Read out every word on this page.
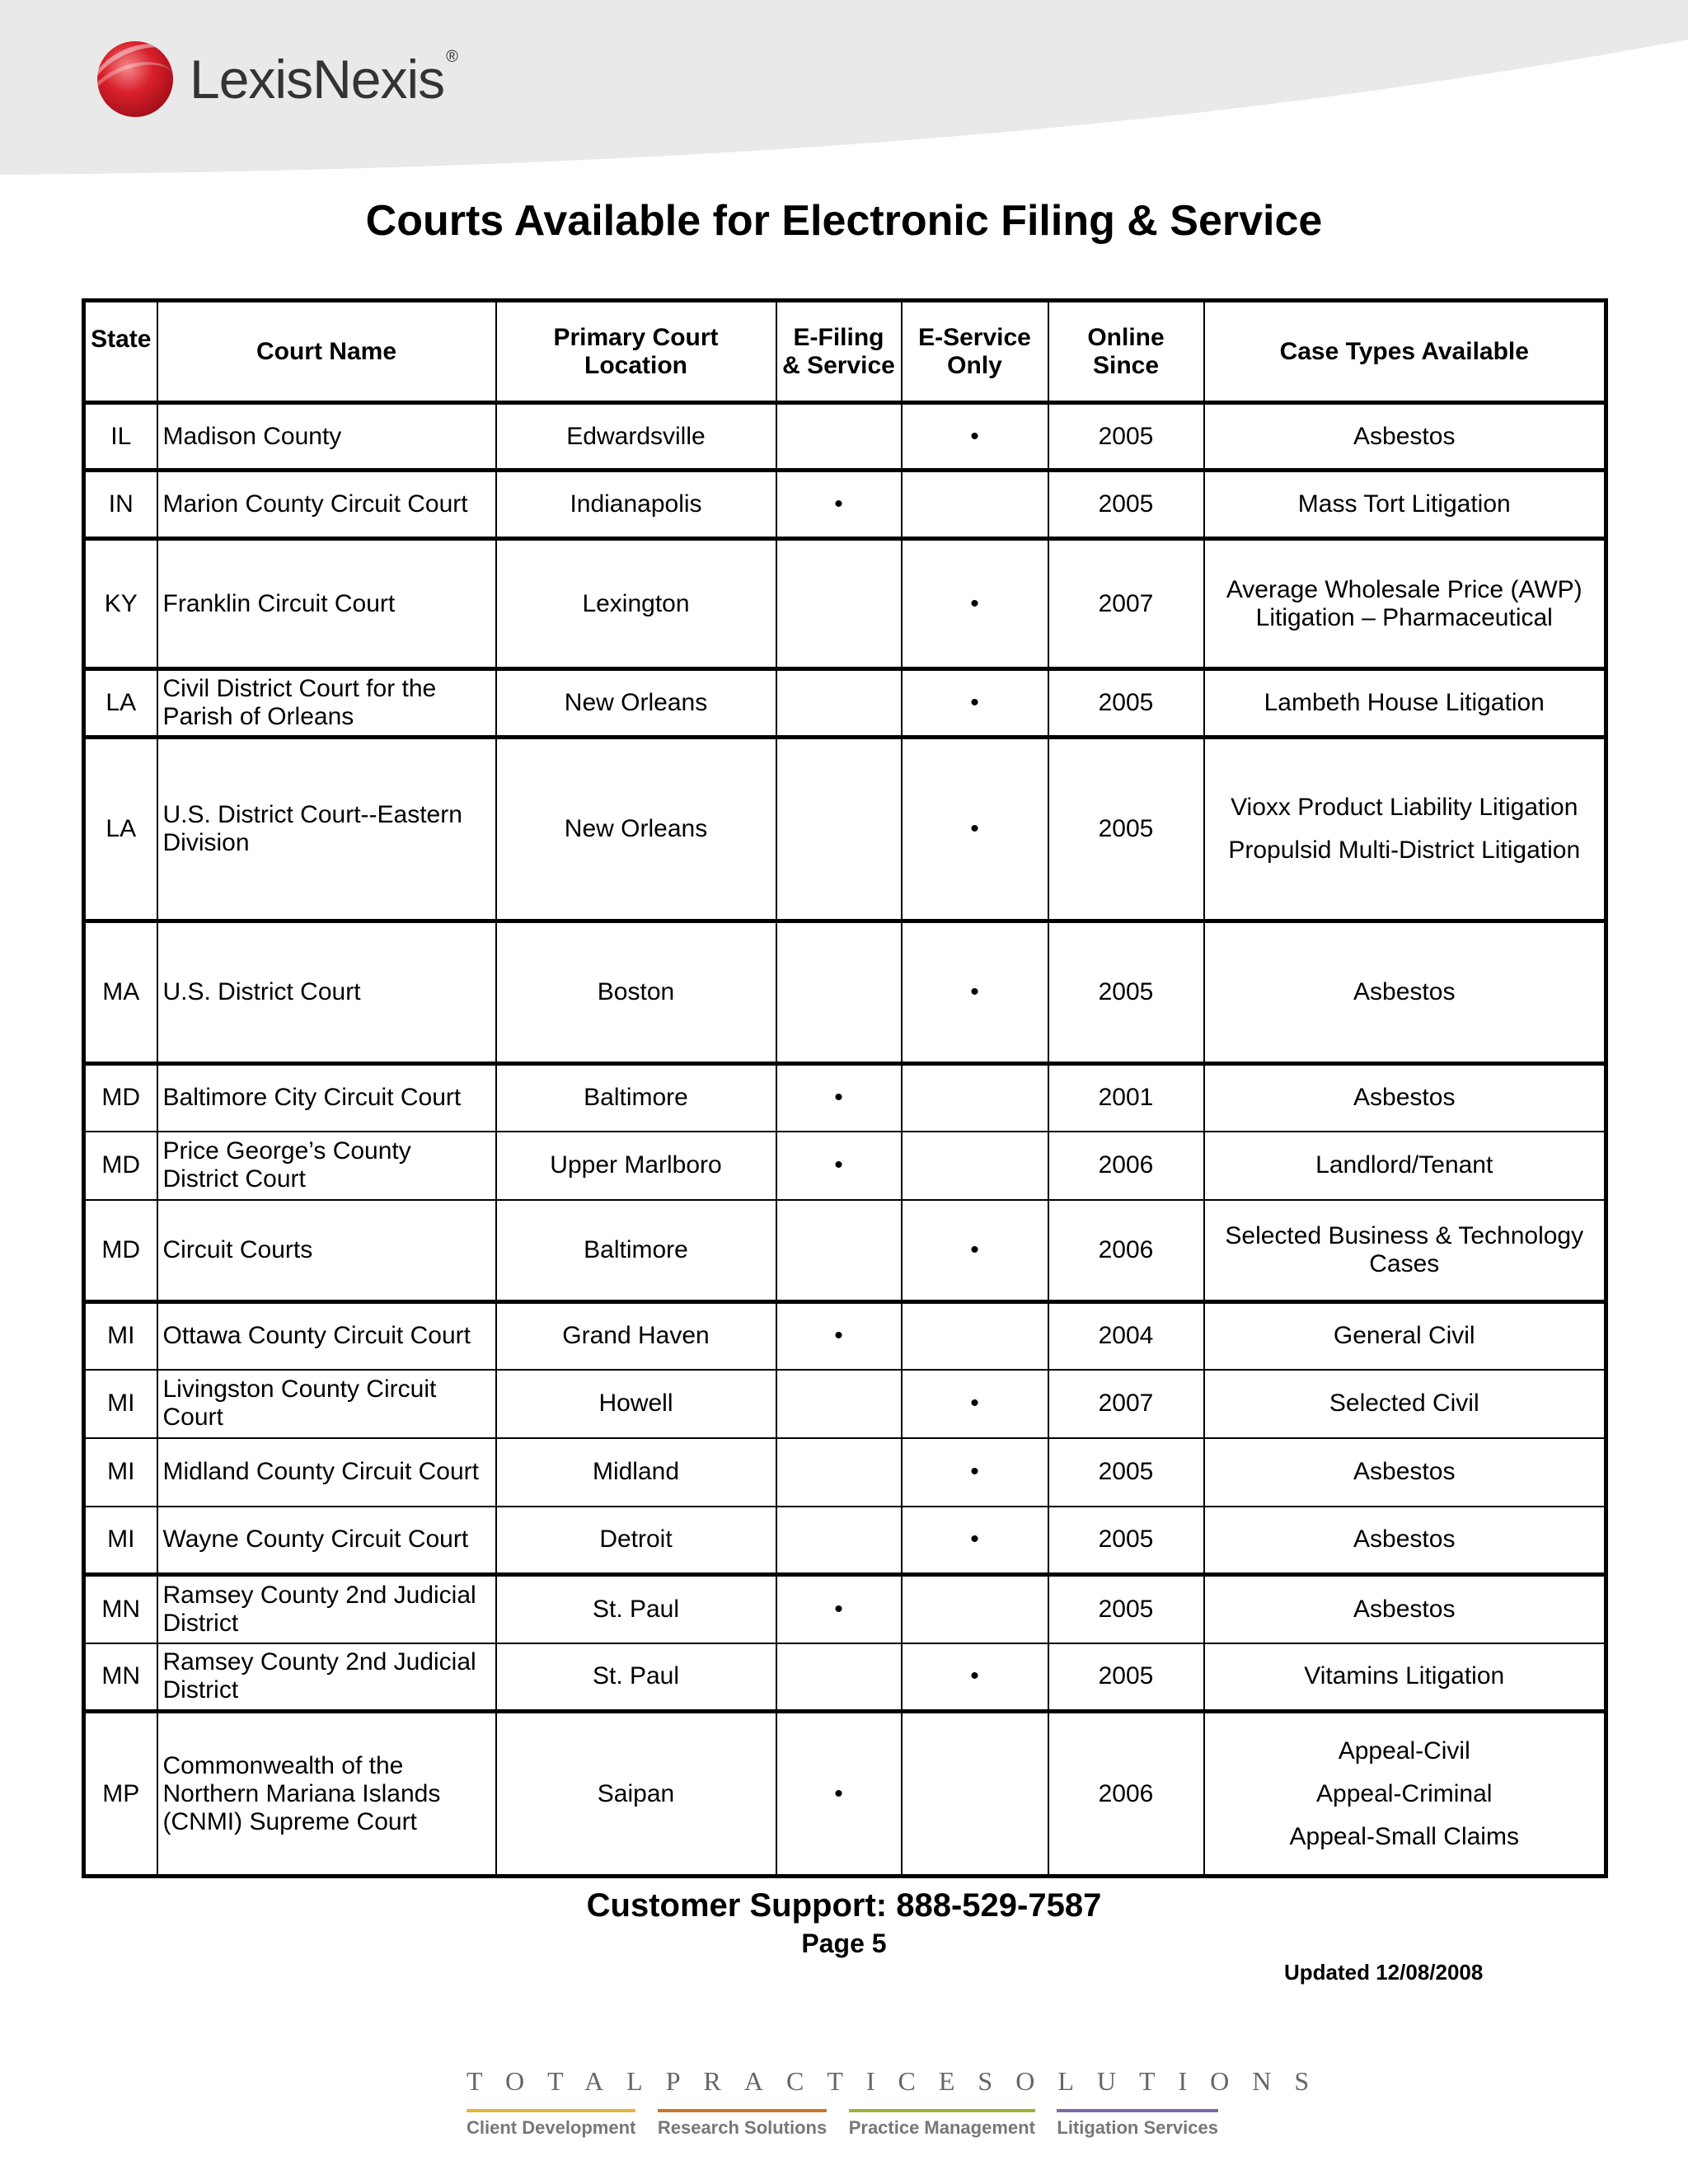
LexisNexis ®
Courts Available for Electronic Filing & Service
State	Court Name	Primary Court Location	E-Filing & Service	E-Service Only	Online Since	Case Types Available
IL	Madison County	Edwardsville		•	2005	Asbestos

IN	Marion County Circuit Court	Indianapolis	•		2005	Mass Tort Litigation

KY	Franklin Circuit Court	Lexington		•	2007	Average Wholesale Price (AWP) Litigation – Pharmaceutical

LA	Civil District Court for the Parish of Orleans	New Orleans		•	2005	Lambeth House Litigation

LA	U.S. District Court--Eastern Division	New Orleans		•	2005	Vioxx Product Liability Litigation
Propulsid Multi-District Litigation

MA	U.S. District Court	Boston		•	2005	Asbestos

MD	Baltimore City Circuit Court	Baltimore	•		2001	Asbestos

MD	Price George’s County District Court	Upper Marlboro	•		2006	Landlord/Tenant

MD	Circuit Courts	Baltimore		•	2006	Selected Business & Technology Cases

MI	Ottawa County Circuit Court	Grand Haven	•		2004	General Civil

MI	Livingston County Circuit Court	Howell		•	2007	Selected Civil

MI	Midland County Circuit Court	Midland		•	2005	Asbestos

MI	Wayne County Circuit Court	Detroit		•	2005	Asbestos

MN	Ramsey County 2nd Judicial District	St. Paul	•		2005	Asbestos

MN	Ramsey County 2nd Judicial District	St. Paul		•	2005	Vitamins Litigation

MP	Commonwealth of the Northern Mariana Islands (CNMI) Supreme Court	Saipan	•		2006	Appeal-Civil
Appeal-Criminal
Appeal-Small Claims
Customer Support: 888-529-7587
Page 5
Updated 12/08/2008
TOTAL PRACTICE SOLUTIONS
Client Development Research Solutions Practice Management Litigation Services
